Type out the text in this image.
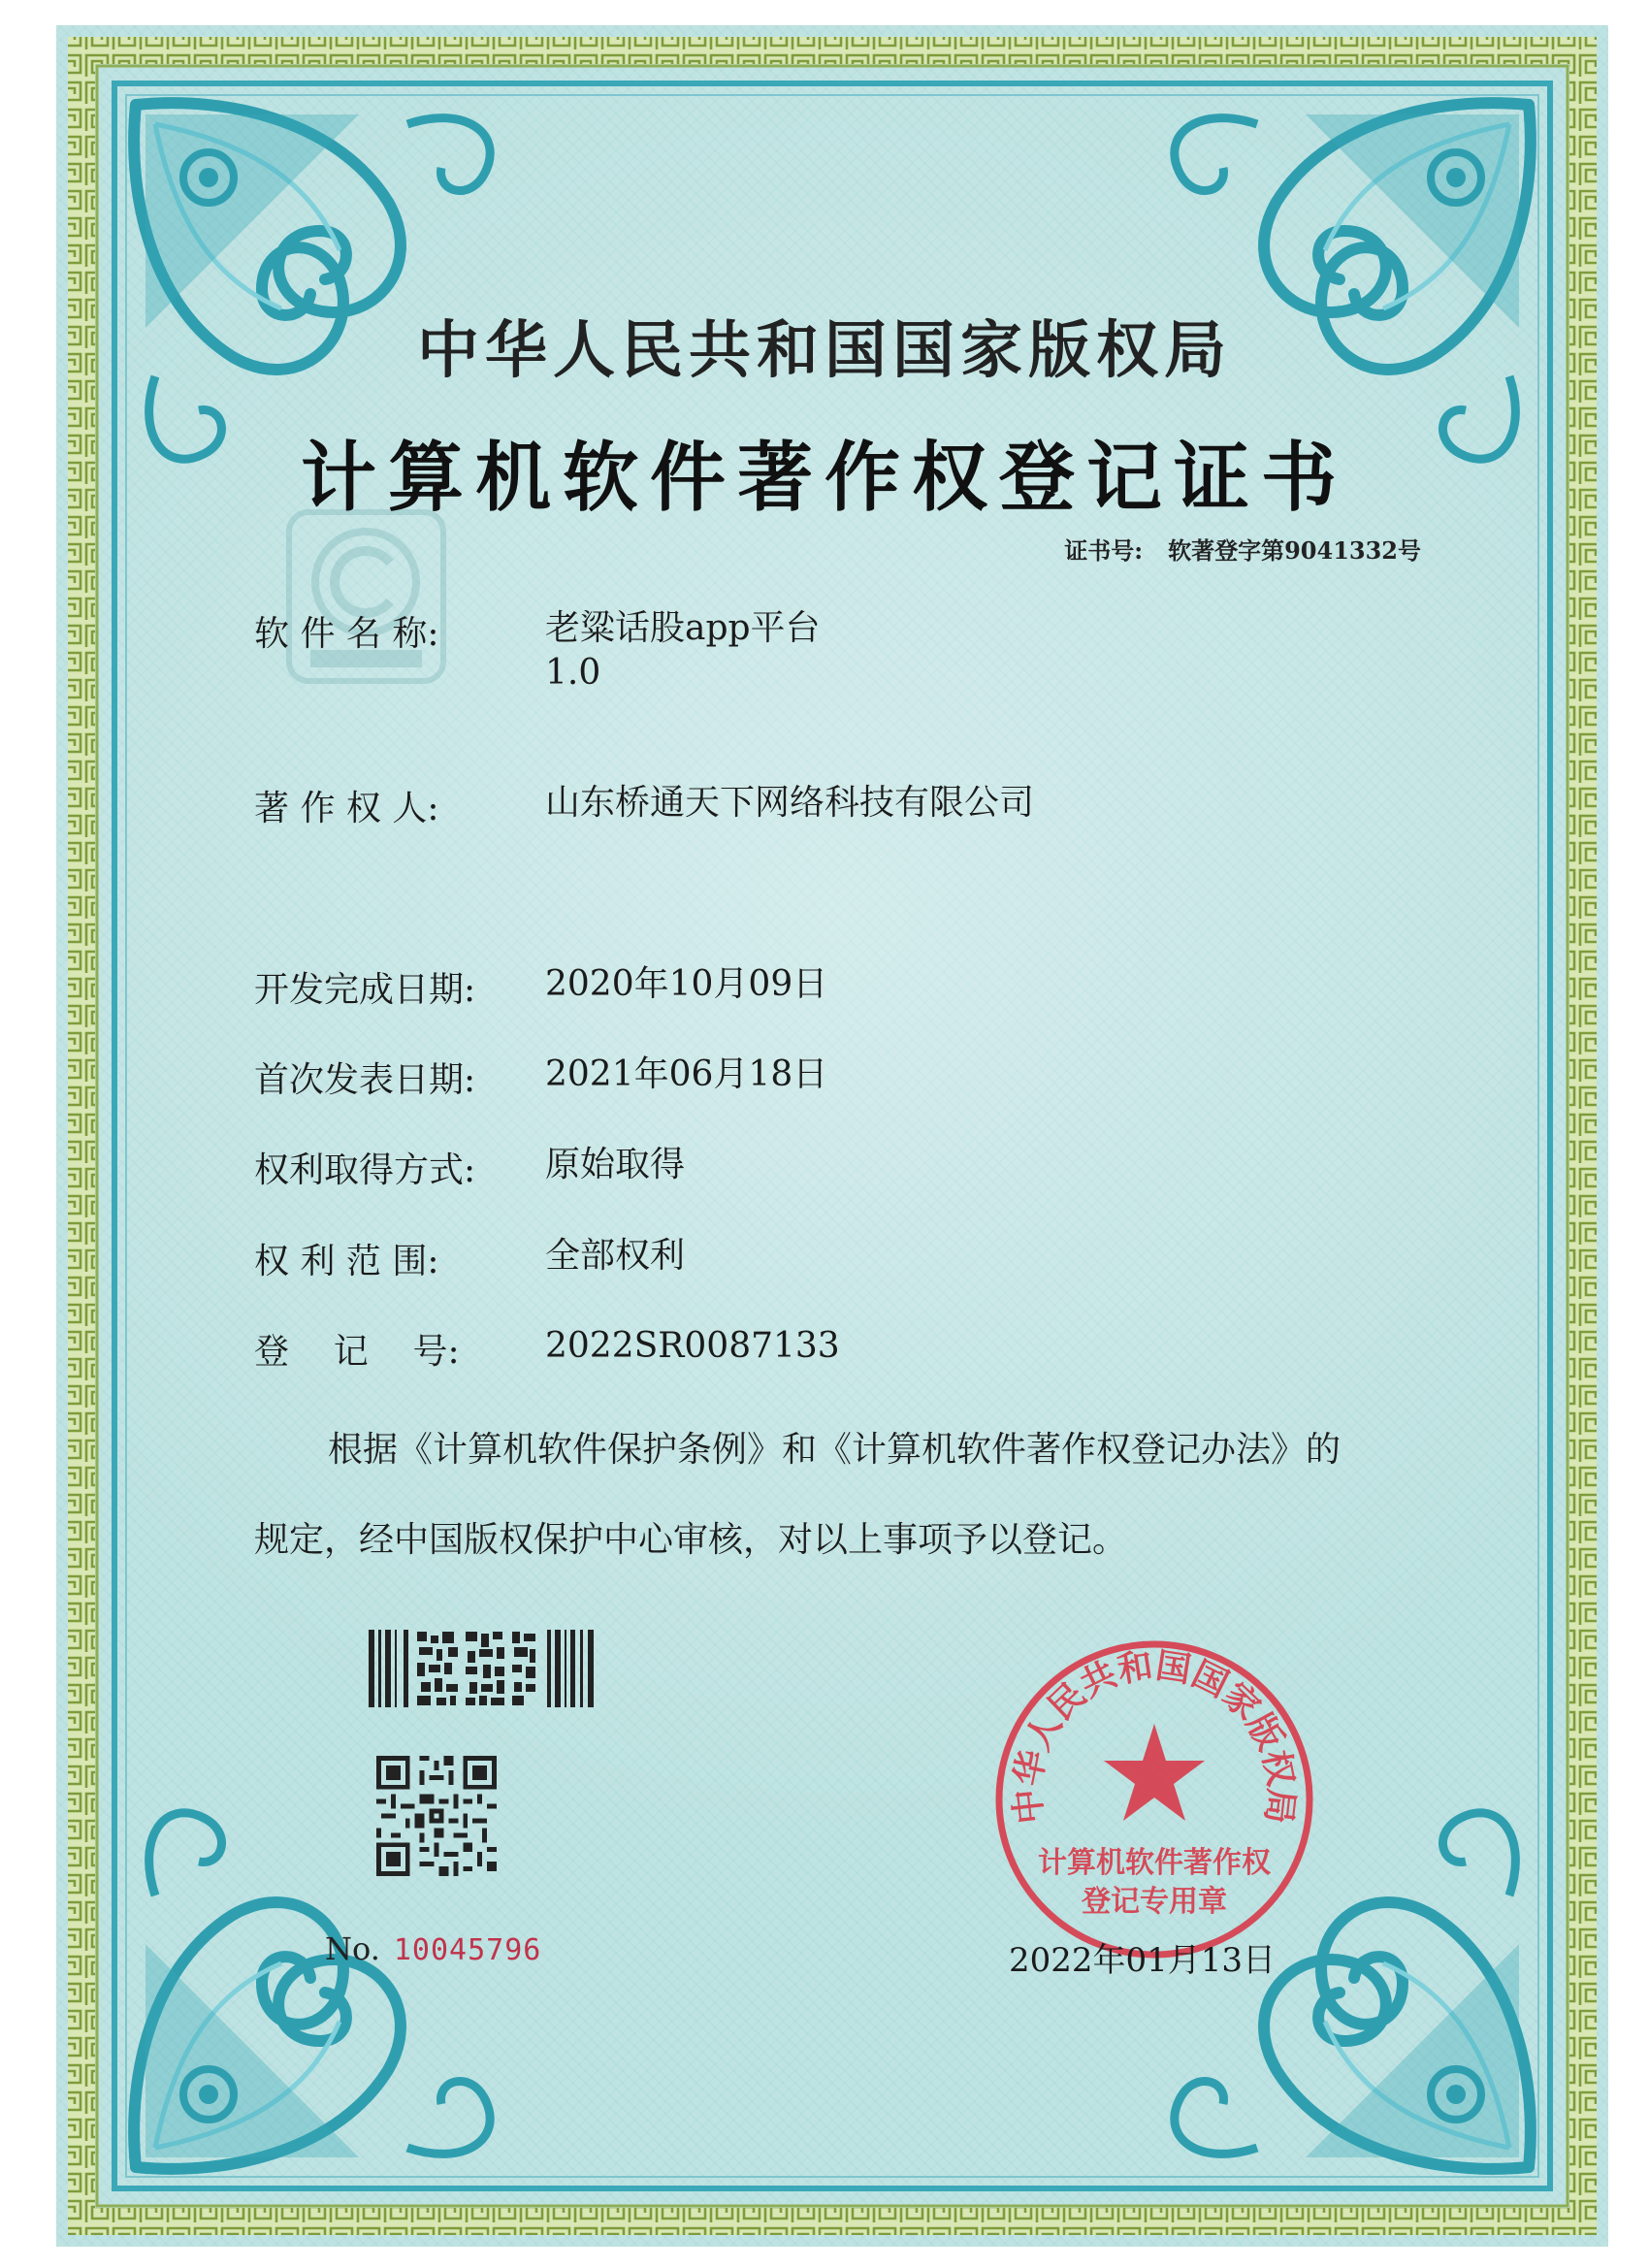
中华人民共和国国家版权局
计算机软件著作权登记证书
证书号: 软著登字第9041332号
软 件 名 称:	老粱话股app平台
1.0
著 作 权 人:	山东桥通天下网络科技有限公司
开发完成日期: 2020年10月09日
首次发表日期: 2021年06月18日
权利取得方式: 原始取得
权 利 范 围:	全部权利
登    记    号: 2022SR0087133
根据《计算机软件保护条例》和《计算机软件著作权登记办法》的
规定，经中国版权保护中心审核，对以上事项予以登记。
No. 10045796
中华人民共和国国家版权局
计算机软件著作权
登记专用章
2022年01月13日
